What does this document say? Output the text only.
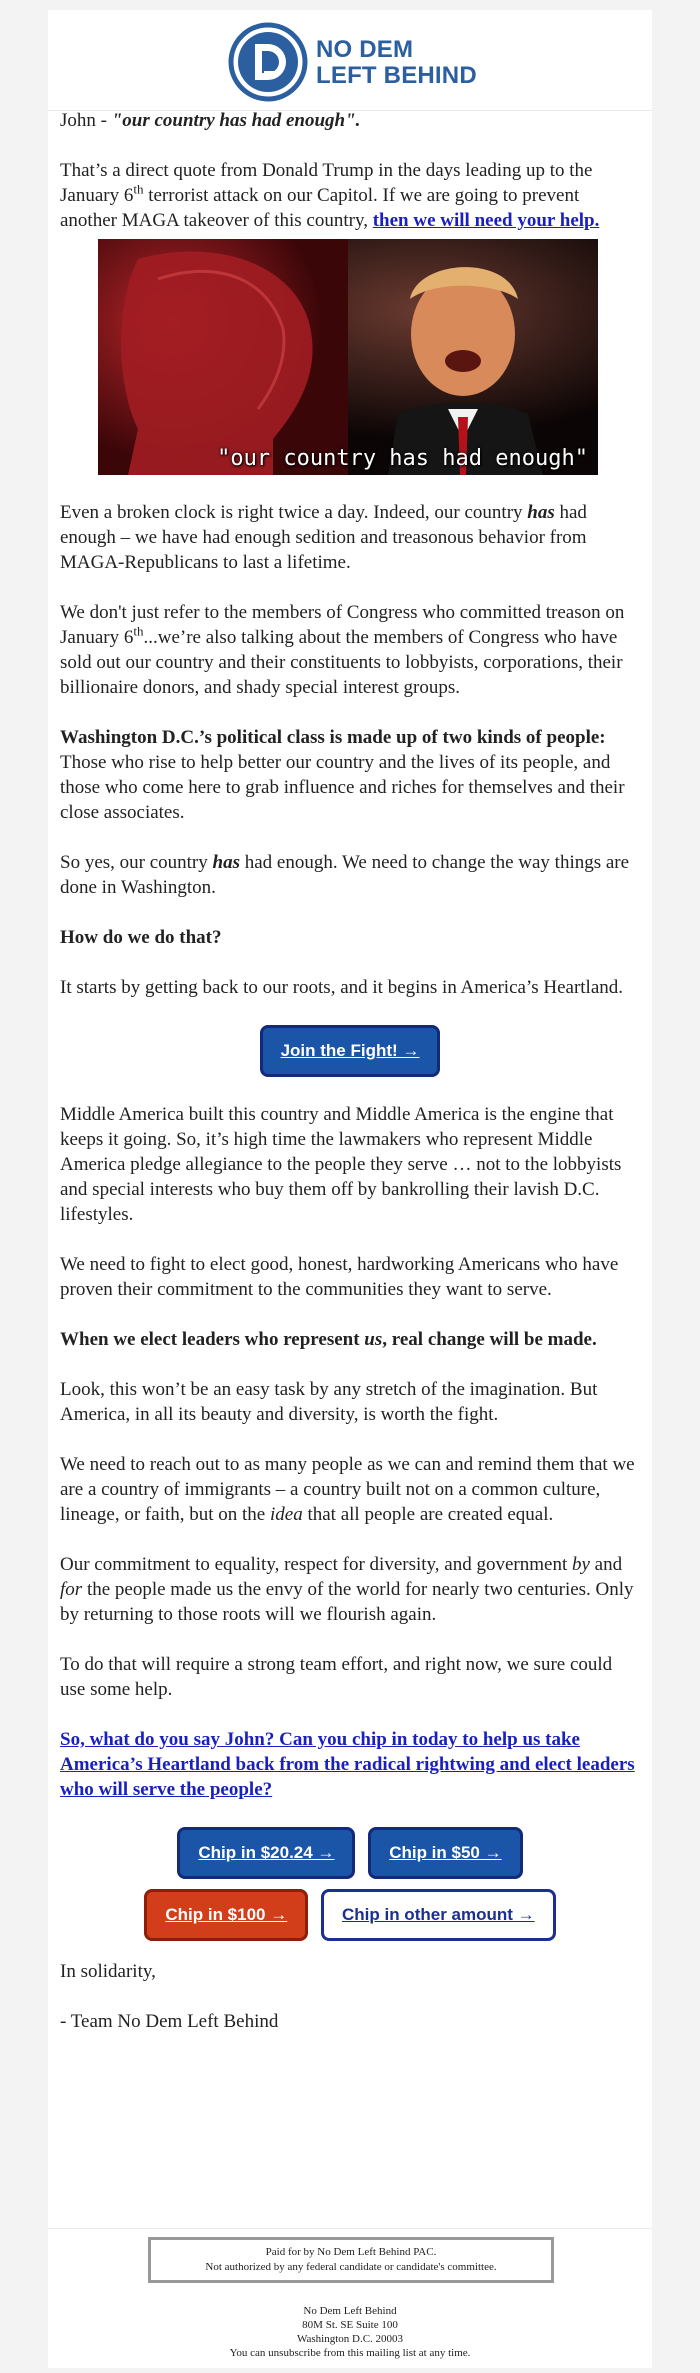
NO DEM
LEFT BEHIND

John - "our country has had enough".

That’s a direct quote from Donald Trump in the days leading up to the January 6th terrorist attack on our Capitol. If we are going to prevent another MAGA takeover of this country, then we will need your help.

"our country has had enough"

Even a broken clock is right twice a day. Indeed, our country has had enough – we have had enough sedition and treasonous behavior from MAGA-Republicans to last a lifetime.

We don't just refer to the members of Congress who committed treason on January 6th...we’re also talking about the members of Congress who have sold out our country and their constituents to lobbyists, corporations, their billionaire donors, and shady special interest groups.

Washington D.C.’s political class is made up of two kinds of people: Those who rise to help better our country and the lives of its people, and those who come here to grab influence and riches for themselves and their close associates.

So yes, our country has had enough. We need to change the way things are done in Washington.

How do we do that?

It starts by getting back to our roots, and it begins in America’s Heartland.

Join the Fight! →

Middle America built this country and Middle America is the engine that keeps it going. So, it’s high time the lawmakers who represent Middle America pledge allegiance to the people they serve … not to the lobbyists and special interests who buy them off by bankrolling their lavish D.C. lifestyles.

We need to fight to elect good, honest, hardworking Americans who have proven their commitment to the communities they want to serve.

When we elect leaders who represent us, real change will be made.

Look, this won’t be an easy task by any stretch of the imagination. But America, in all its beauty and diversity, is worth the fight.

We need to reach out to as many people as we can and remind them that we are a country of immigrants – a country built not on a common culture, lineage, or faith, but on the idea that all people are created equal.

Our commitment to equality, respect for diversity, and government by and for the people made us the envy of the world for nearly two centuries. Only by returning to those roots will we flourish again.

To do that will require a strong team effort, and right now, we sure could use some help.

So, what do you say John? Can you chip in today to help us take America’s Heartland back from the radical rightwing and elect leaders who will serve the people?

Chip in $20.24 →	Chip in $50 →
Chip in $100 →	Chip in other amount →

In solidarity,

- Team No Dem Left Behind

Paid for by No Dem Left Behind PAC.
Not authorized by any federal candidate or candidate's committee.
No Dem Left Behind
80M St. SE Suite 100
Washington D.C. 20003
You can unsubscribe from this mailing list at any time.
